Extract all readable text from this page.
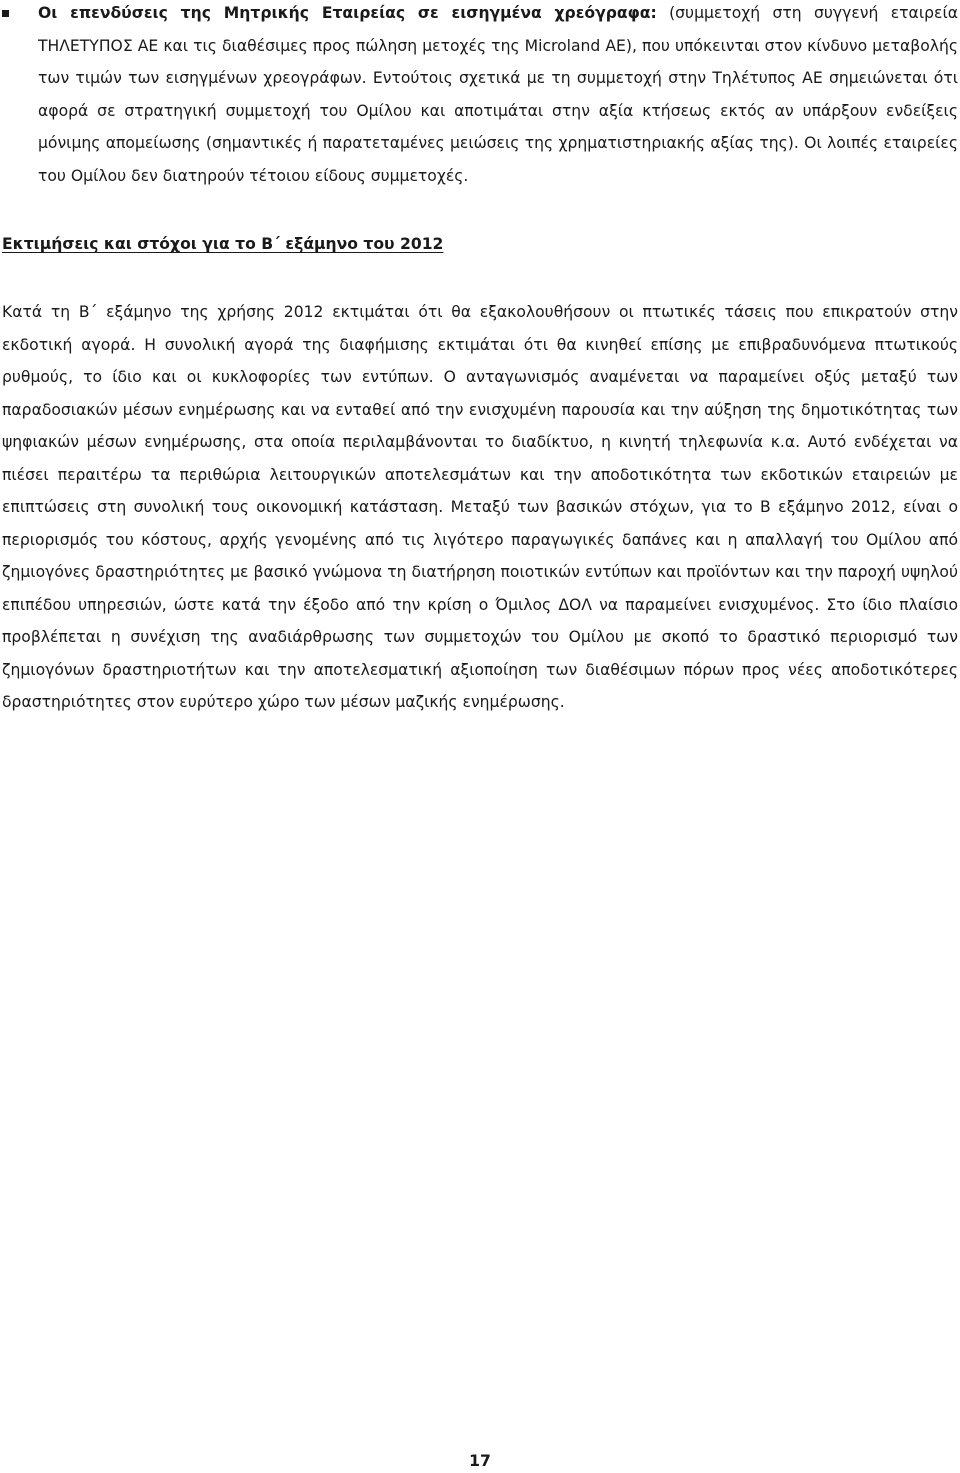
Οι επενδύσεις της Μητρικής Εταιρείας σε εισηγμένα χρεόγραφα: (συμμετοχή στη συγγενή εταιρεία ΤΗΛΕΤΥΠΟΣ ΑΕ και τις διαθέσιμες προς πώληση μετοχές της Microland AE), που υπόκεινται στον κίνδυνο μεταβολής των τιμών των εισηγμένων χρεογράφων. Εντούτοις σχετικά με τη συμμετοχή στην Τηλέτυπος ΑΕ σημειώνεται ότι αφορά σε στρατηγική συμμετοχή του Ομίλου και αποτιμάται στην αξία κτήσεως εκτός αν υπάρξουν ενδείξεις μόνιμης απομείωσης (σημαντικές ή παρατεταμένες μειώσεις της χρηματιστηριακής αξίας της). Οι λοιπές εταιρείες του Ομίλου δεν διατηρούν τέτοιου είδους συμμετοχές.

Εκτιμήσεις και στόχοι για το Β΄ εξάμηνο του 2012

Κατά τη Β΄ εξάμηνο της χρήσης 2012 εκτιμάται ότι θα εξακολουθήσουν οι πτωτικές τάσεις που επικρατούν στην εκδοτική αγορά. Η συνολική αγορά της διαφήμισης εκτιμάται ότι θα κινηθεί επίσης με επιβραδυνόμενα πτωτικούς ρυθμούς, το ίδιο και οι κυκλοφορίες των εντύπων. Ο ανταγωνισμός αναμένεται να παραμείνει οξύς μεταξύ των παραδοσιακών μέσων ενημέρωσης και να ενταθεί από την ενισχυμένη παρουσία και την αύξηση της δημοτικότητας των ψηφιακών μέσων ενημέρωσης, στα οποία περιλαμβάνονται το διαδίκτυο, η κινητή τηλεφωνία κ.α. Αυτό ενδέχεται να πιέσει περαιτέρω τα περιθώρια λειτουργικών αποτελεσμάτων και την αποδοτικότητα των εκδοτικών εταιρειών με επιπτώσεις στη συνολική τους οικονομική κατάσταση. Μεταξύ των βασικών στόχων, για το Β εξάμηνο 2012, είναι ο περιορισμός του κόστους, αρχής γενομένης από τις λιγότερο παραγωγικές δαπάνες και η απαλλαγή του Ομίλου από ζημιογόνες δραστηριότητες με βασικό γνώμονα τη διατήρηση ποιοτικών εντύπων και προϊόντων και την παροχή υψηλού επιπέδου υπηρεσιών, ώστε κατά την έξοδο από την κρίση ο Όμιλος ΔΟΛ να παραμείνει ενισχυμένος. Στο ίδιο πλαίσιο προβλέπεται η συνέχιση της αναδιάρθρωσης των συμμετοχών του Ομίλου με σκοπό το δραστικό περιορισμό των ζημιογόνων δραστηριοτήτων και την αποτελεσματική αξιοποίηση των διαθέσιμων πόρων προς νέες αποδοτικότερες δραστηριότητες στον ευρύτερο χώρο των μέσων μαζικής ενημέρωσης.

17
